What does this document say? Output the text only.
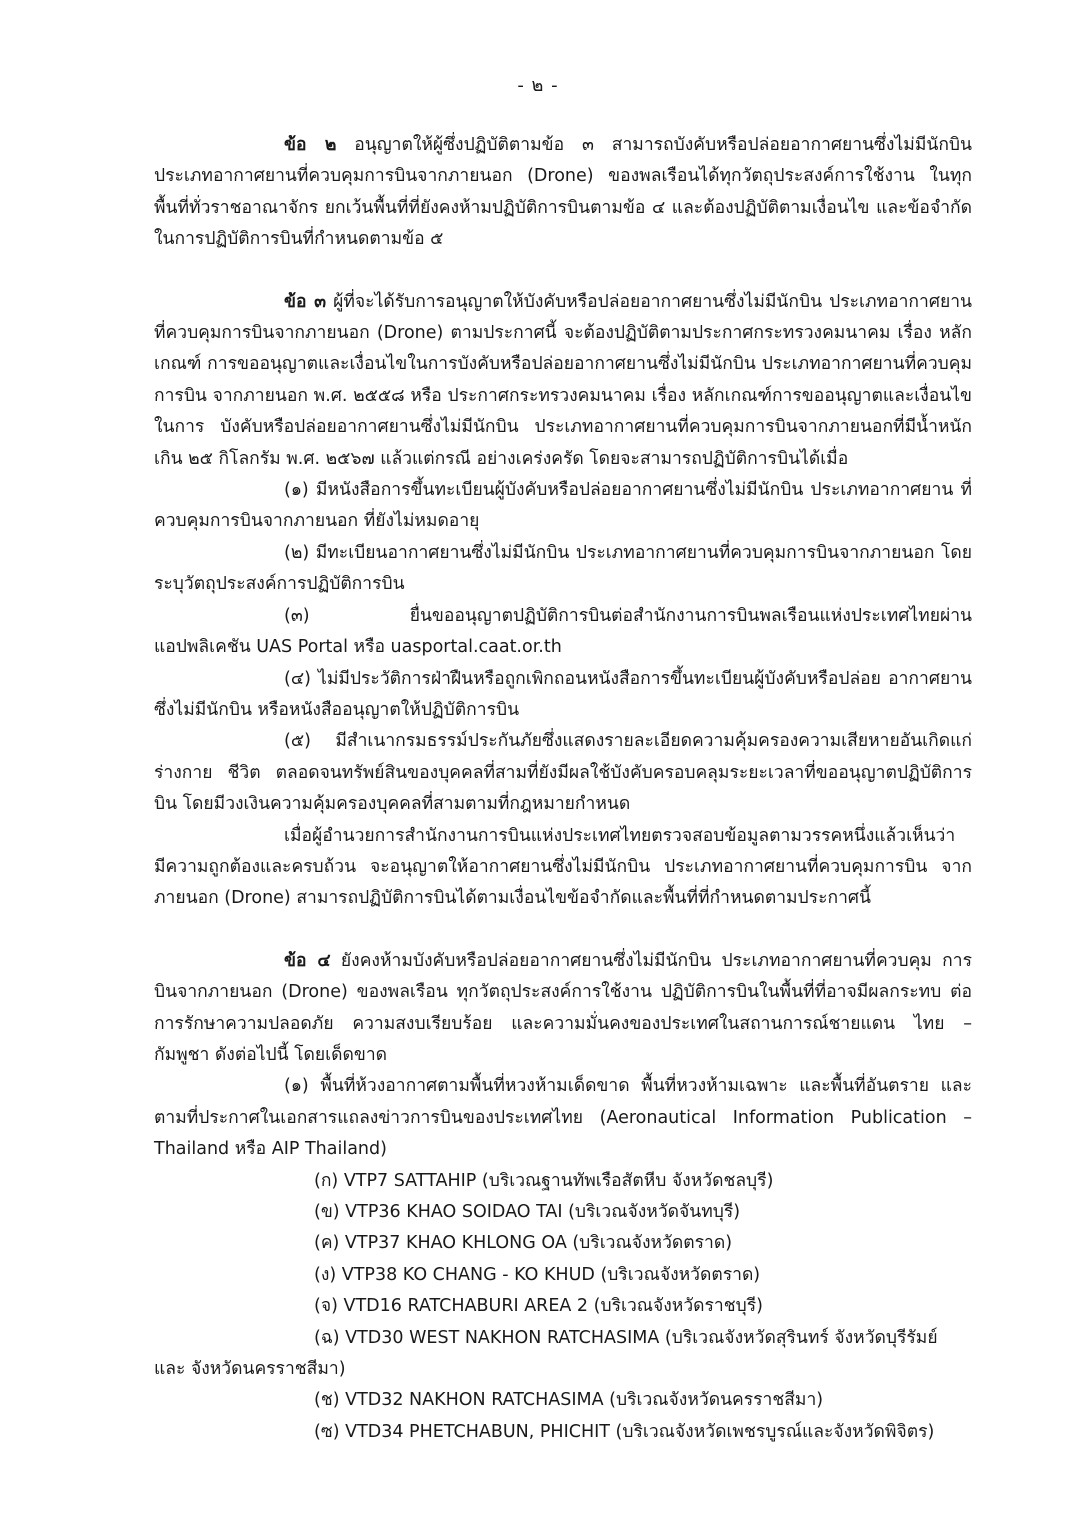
- ๒ -

ข้อ ๒ อนุญาตให้ผู้ซึ่งปฏิบัติตามข้อ ๓ สามารถบังคับหรือปล่อยอากาศยานซึ่งไม่มีนักบิน ประเภทอากาศยานที่ควบคุมการบินจากภายนอก (Drone) ของพลเรือนได้ทุกวัตถุประสงค์การใช้งาน ในทุกพื้นที่ทั่วราชอาณาจักร ยกเว้นพื้นที่ที่ยังคงห้ามปฏิบัติการบินตามข้อ ๔ และต้องปฏิบัติตามเงื่อนไข และข้อจำกัดในการปฏิบัติการบินที่กำหนดตามข้อ ๕

ข้อ ๓ ผู้ที่จะได้รับการอนุญาตให้บังคับหรือปล่อยอากาศยานซึ่งไม่มีนักบิน ประเภทอากาศยาน ที่ควบคุมการบินจากภายนอก (Drone) ตามประกาศนี้ จะต้องปฏิบัติตามประกาศกระทรวงคมนาคม เรื่อง หลักเกณฑ์ การขออนุญาตและเงื่อนไขในการบังคับหรือปล่อยอากาศยานซึ่งไม่มีนักบิน ประเภทอากาศยานที่ควบคุมการบิน จากภายนอก พ.ศ. ๒๕๕๘ หรือ ประกาศกระทรวงคมนาคม เรื่อง หลักเกณฑ์การขออนุญาตและเงื่อนไขในการ บังคับหรือปล่อยอากาศยานซึ่งไม่มีนักบิน ประเภทอากาศยานที่ควบคุมการบินจากภายนอกที่มีน้ำหนักเกิน ๒๕ กิโลกรัม พ.ศ. ๒๕๖๗ แล้วแต่กรณี อย่างเคร่งครัด โดยจะสามารถปฏิบัติการบินได้เมื่อ

(๑) มีหนังสือการขึ้นทะเบียนผู้บังคับหรือปล่อยอากาศยานซึ่งไม่มีนักบิน ประเภทอากาศยาน ที่ควบคุมการบินจากภายนอก ที่ยังไม่หมดอายุ

(๒) มีทะเบียนอากาศยานซึ่งไม่มีนักบิน ประเภทอากาศยานที่ควบคุมการบินจากภายนอก โดยระบุวัตถุประสงค์การปฏิบัติการบิน

(๓) ยื่นขออนุญาตปฏิบัติการบินต่อสำนักงานการบินพลเรือนแห่งประเทศไทยผ่าน แอปพลิเคชัน UAS Portal หรือ uasportal.caat.or.th

(๔) ไม่มีประวัติการฝ่าฝืนหรือถูกเพิกถอนหนังสือการขึ้นทะเบียนผู้บังคับหรือปล่อย อากาศยานซึ่งไม่มีนักบิน หรือหนังสืออนุญาตให้ปฏิบัติการบิน

(๕) มีสำเนากรมธรรม์ประกันภัยซึ่งแสดงรายละเอียดความคุ้มครองความเสียหายอันเกิดแก่ ร่างกาย ชีวิต ตลอดจนทรัพย์สินของบุคคลที่สามที่ยังมีผลใช้บังคับครอบคลุมระยะเวลาที่ขออนุญาตปฏิบัติการบิน โดยมีวงเงินความคุ้มครองบุคคลที่สามตามที่กฎหมายกำหนด

เมื่อผู้อำนวยการสำนักงานการบินแห่งประเทศไทยตรวจสอบข้อมูลตามวรรคหนึ่งแล้วเห็นว่า มีความถูกต้องและครบถ้วน จะอนุญาตให้อากาศยานซึ่งไม่มีนักบิน ประเภทอากาศยานที่ควบคุมการบิน จากภายนอก (Drone) สามารถปฏิบัติการบินได้ตามเงื่อนไขข้อจำกัดและพื้นที่ที่กำหนดตามประกาศนี้

ข้อ ๔ ยังคงห้ามบังคับหรือปล่อยอากาศยานซึ่งไม่มีนักบิน ประเภทอากาศยานที่ควบคุม การบินจากภายนอก (Drone) ของพลเรือน ทุกวัตถุประสงค์การใช้งาน ปฏิบัติการบินในพื้นที่ที่อาจมีผลกระทบ ต่อการรักษาความปลอดภัย ความสงบเรียบร้อย และความมั่นคงของประเทศในสถานการณ์ชายแดน ไทย – กัมพูชา ดังต่อไปนี้ โดยเด็ดขาด

(๑) พื้นที่ห้วงอากาศตามพื้นที่หวงห้ามเด็ดขาด พื้นที่หวงห้ามเฉพาะ และพื้นที่อันตราย และตามที่ประกาศในเอกสารแถลงข่าวการบินของประเทศไทย (Aeronautical Information Publication – Thailand หรือ AIP Thailand)

(ก) VTP7 SATTAHIP (บริเวณฐานทัพเรือสัตหีบ จังหวัดชลบุรี)

(ข) VTP36 KHAO SOIDAO TAI (บริเวณจังหวัดจันทบุรี)

(ค) VTP37 KHAO KHLONG OA (บริเวณจังหวัดตราด)

(ง) VTP38 KO CHANG - KO KHUD (บริเวณจังหวัดตราด)

(จ) VTD16 RATCHABURI AREA 2 (บริเวณจังหวัดราชบุรี)

(ฉ) VTD30 WEST NAKHON RATCHASIMA (บริเวณจังหวัดสุรินทร์ จังหวัดบุรีรัมย์ และ จังหวัดนครราชสีมา)

(ช) VTD32 NAKHON RATCHASIMA (บริเวณจังหวัดนครราชสีมา)

(ซ) VTD34 PHETCHABUN, PHICHIT (บริเวณจังหวัดเพชรบูรณ์และจังหวัดพิจิตร)
